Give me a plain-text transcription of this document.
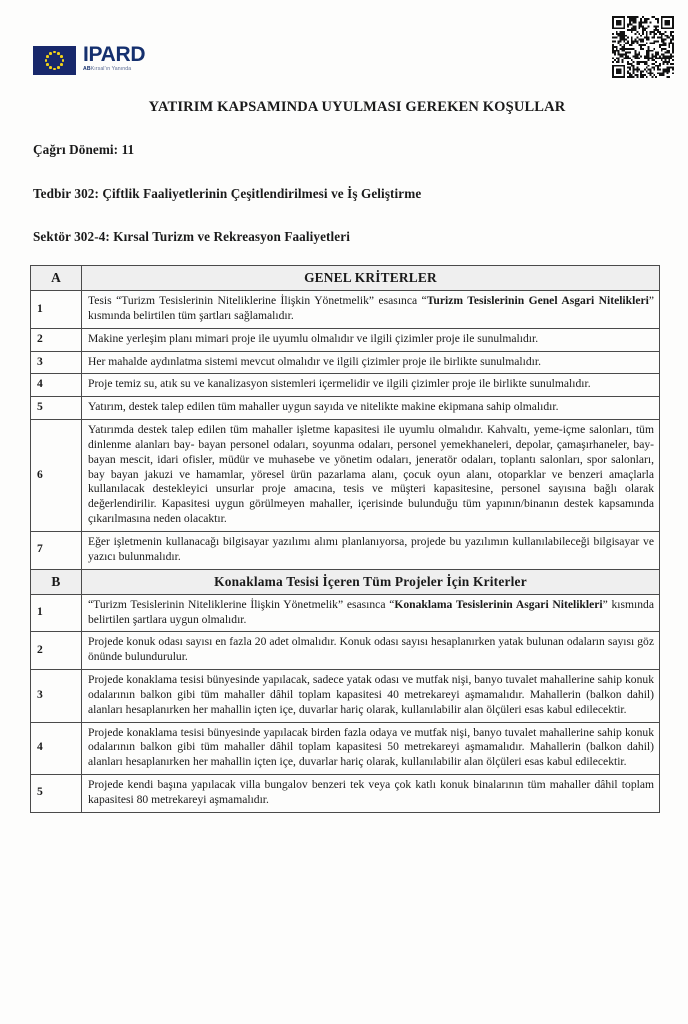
IPARD
ABKırsal'ın Yanında
YATIRIM KAPSAMINDA UYULMASI GEREKEN KOŞULLAR
Çağrı Dönemi: 11
Tedbir 302: Çiftlik Faaliyetlerinin Çeşitlendirilmesi ve İş Geliştirme
Sektör 302-4: Kırsal Turizm ve Rekreasyon Faaliyetleri
A	GENEL KRİTERLER
1	Tesis “Turizm Tesislerinin Niteliklerine İlişkin Yönetmelik” esasınca “Turizm Tesislerinin Genel Asgari Nitelikleri” kısmında belirtilen tüm şartları sağlamalıdır.
2	Makine yerleşim planı mimari proje ile uyumlu olmalıdır ve ilgili çizimler proje ile sunulmalıdır.
3	Her mahalde aydınlatma sistemi mevcut olmalıdır ve ilgili çizimler proje ile birlikte sunulmalıdır.
4	Proje temiz su, atık su ve kanalizasyon sistemleri içermelidir ve ilgili çizimler proje ile birlikte sunulmalıdır.
5	Yatırım, destek talep edilen tüm mahaller uygun sayıda ve nitelikte makine ekipmana sahip olmalıdır.
6	Yatırımda destek talep edilen tüm mahaller işletme kapasitesi ile uyumlu olmalıdır. Kahvaltı, yeme-içme salonları, tüm dinlenme alanları bay- bayan personel odaları, soyunma odaları, personel yemekhaneleri, depolar, çamaşırhaneler, bay-bayan mescit, idari ofisler, müdür ve muhasebe ve yönetim odaları, jeneratör odaları, toplantı salonları, spor salonları, bay bayan jakuzi ve hamamlar, yöresel ürün pazarlama alanı, çocuk oyun alanı, otoparklar ve benzeri amaçlarla kullanılacak destekleyici unsurlar proje amacına, tesis ve müşteri kapasitesine, personel sayısına bağlı olarak değerlendirilir. Kapasitesi uygun görülmeyen mahaller, içerisinde bulunduğu tüm yapının/binanın destek kapsamında çıkarılmasına neden olacaktır.
7	Eğer işletmenin kullanacağı bilgisayar yazılımı alımı planlanıyorsa, projede bu yazılımın kullanılabileceği bilgisayar ve yazıcı bulunmalıdır.
B	Konaklama Tesisi İçeren Tüm Projeler İçin Kriterler
1	“Turizm Tesislerinin Niteliklerine İlişkin Yönetmelik” esasınca “Konaklama Tesislerinin Asgari Nitelikleri” kısmında belirtilen şartlara uygun olmalıdır.
2	Projede konuk odası sayısı en fazla 20 adet olmalıdır. Konuk odası sayısı hesaplanırken yatak bulunan odaların sayısı göz önünde bulundurulur.
3	Projede konaklama tesisi bünyesinde yapılacak, sadece yatak odası ve mutfak nişi, banyo tuvalet mahallerine sahip konuk odalarının balkon gibi tüm mahaller dâhil toplam kapasitesi 40 metrekareyi aşmamalıdır. Mahallerin (balkon dahil) alanları hesaplanırken her mahallin içten içe, duvarlar hariç olarak, kullanılabilir alan ölçüleri esas kabul edilecektir.
4	Projede konaklama tesisi bünyesinde yapılacak birden fazla odaya ve mutfak nişi, banyo tuvalet mahallerine sahip konuk odalarının balkon gibi tüm mahaller dâhil toplam kapasitesi 50 metrekareyi aşmamalıdır. Mahallerin (balkon dahil) alanları hesaplanırken her mahallin içten içe, duvarlar hariç olarak, kullanılabilir alan ölçüleri esas kabul edilecektir.
5	Projede kendi başına yapılacak villa bungalov benzeri tek veya çok katlı konuk binalarının tüm mahaller dâhil toplam kapasitesi 80 metrekareyi aşmamalıdır.
